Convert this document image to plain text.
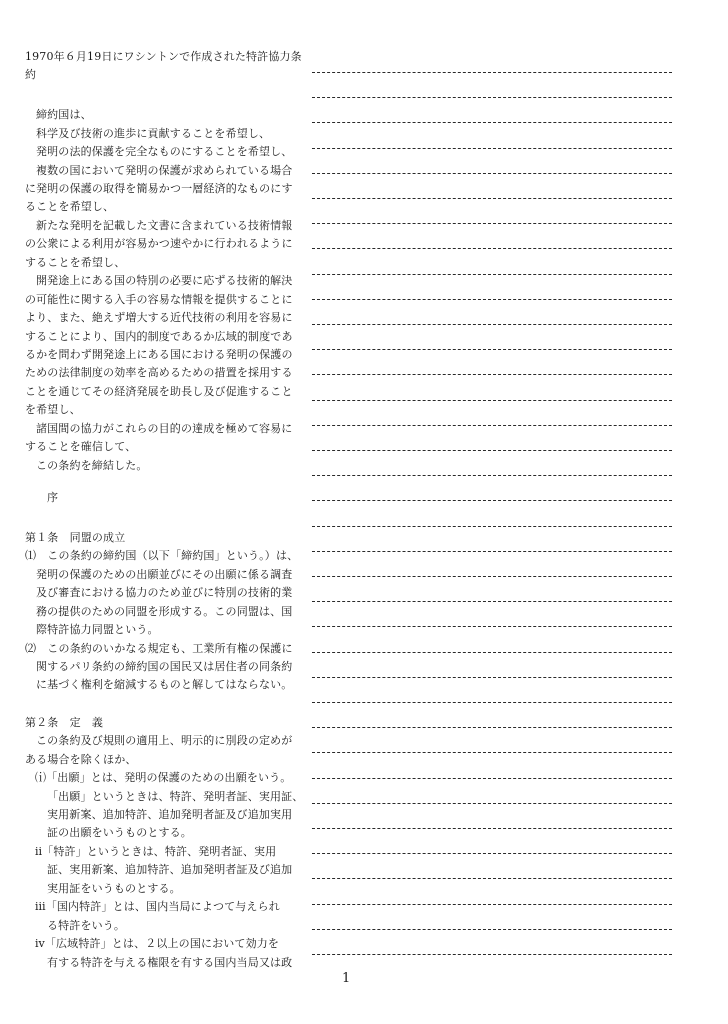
1970年６月19日にワシントンで作成された特許協力条
約
締約国は、
科学及び技術の進歩に貢献することを希望し、
発明の法的保護を完全なものにすることを希望し、
複数の国において発明の保護が求められている場合
に発明の保護の取得を簡易かつ一層経済的なものにす
ることを希望し、
新たな発明を記載した文書に含まれている技術情報
の公衆による利用が容易かつ速やかに行われるように
することを希望し、
開発途上にある国の特別の必要に応ずる技術的解決
の可能性に関する入手の容易な情報を提供することに
より、また、絶えず増大する近代技術の利用を容易に
することにより、国内的制度であるか広域的制度であ
るかを問わず開発途上にある国における発明の保護の
ための法律制度の効率を高めるための措置を採用する
ことを通じてその経済発展を助長し及び促進すること
を希望し、
諸国間の協力がこれらの目的の達成を極めて容易に
することを確信して、
この条約を締結した。
序
第１条　同盟の成立
⑴　この条約の締約国（以下「締約国」という。）は、
発明の保護のための出願並びにその出願に係る調査
及び審査における協力のため並びに特別の技術的業
務の提供のための同盟を形成する。この同盟は、国
際特許協力同盟という。
⑵　この条約のいかなる規定も、工業所有権の保護に
関するパリ条約の締約国の国民又は居住者の同条約
に基づく権利を縮減するものと解してはならない。
第２条　定　義
この条約及び規則の適用上、明示的に別段の定めが
ある場合を除くほか、
⒤「出願」とは、発明の保護のための出願をいう。
「出願」というときは、特許、発明者証、実用証、
実用新案、追加特許、追加発明者証及び追加実用
証の出願をいうものとする。
ⅱ「特許」というときは、特許、発明者証、実用
証、実用新案、追加特許、追加発明者証及び追加
実用証をいうものとする。
ⅲ「国内特許」とは、国内当局によつて与えられ
る特許をいう。
ⅳ「広域特許」とは、２以上の国において効力を
有する特許を与える権限を有する国内当局又は政
1
